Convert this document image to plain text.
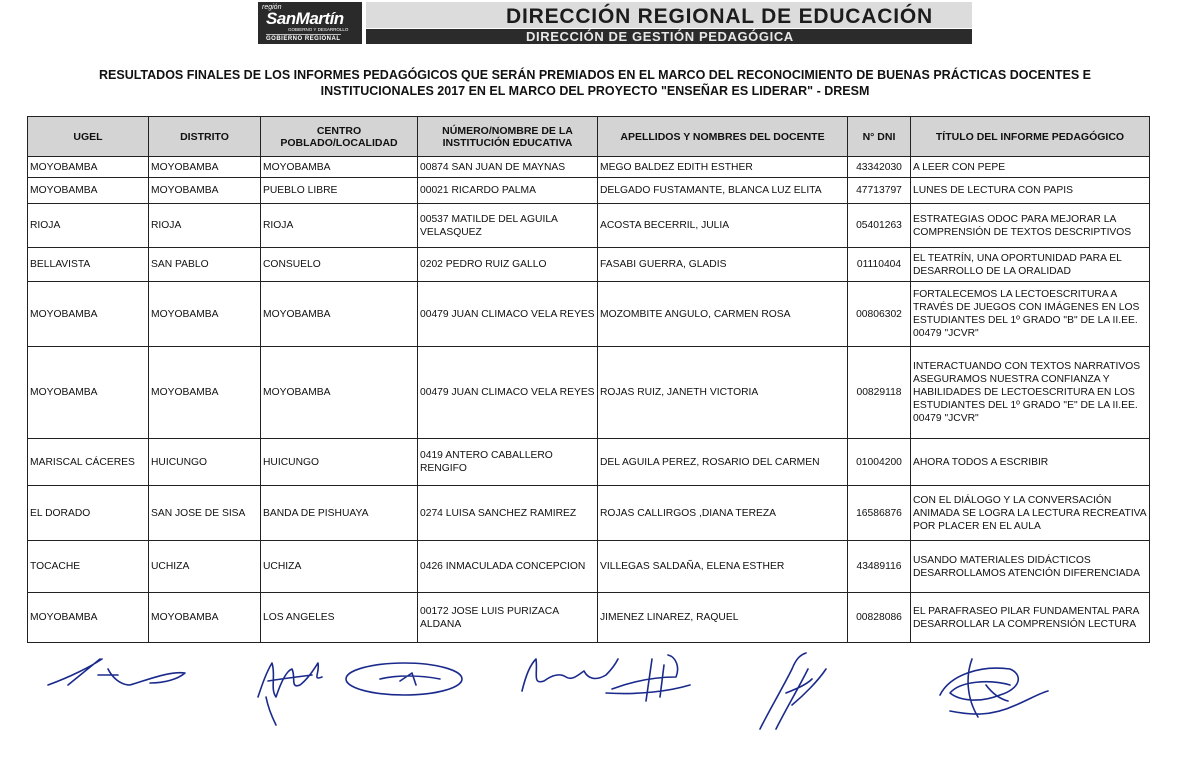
región
SanMartín
GOBIERNO Y DESARROLLO
GOBIERNO REGIONAL
DIRECCIÓN REGIONAL DE EDUCACIÓN
DIRECCIÓN DE GESTIÓN PEDAGÓGICA
RESULTADOS FINALES DE LOS INFORMES PEDAGÓGICOS QUE SERÁN PREMIADOS EN EL MARCO DEL RECONOCIMIENTO DE BUENAS PRÁCTICAS DOCENTES E
INSTITUCIONALES 2017 EN EL MARCO DEL PROYECTO "ENSEÑAR ES LIDERAR" - DRESM
UGEL	DISTRITO	CENTRO POBLADO/LOCALIDAD	NÚMERO/NOMBRE DE LA INSTITUCIÓN EDUCATIVA	APELLIDOS Y NOMBRES DEL DOCENTE	N° DNI	TÍTULO DEL INFORME PEDAGÓGICO
MOYOBAMBA	MOYOBAMBA	MOYOBAMBA	00874 SAN JUAN DE MAYNAS	MEGO BALDEZ EDITH ESTHER	43342030	A LEER CON PEPE
MOYOBAMBA	MOYOBAMBA	PUEBLO LIBRE	00021 RICARDO PALMA	DELGADO FUSTAMANTE, BLANCA LUZ ELITA	47713797	LUNES DE LECTURA CON PAPIS
RIOJA	RIOJA	RIOJA	00537 MATILDE DEL AGUILA VELASQUEZ	ACOSTA BECERRIL, JULIA	05401263	ESTRATEGIAS ODOC PARA MEJORAR LA COMPRENSIÓN DE TEXTOS DESCRIPTIVOS
BELLAVISTA	SAN PABLO	CONSUELO	0202 PEDRO RUIZ GALLO	FASABI GUERRA, GLADIS	01110404	EL TEATRÍN, UNA OPORTUNIDAD PARA EL DESARROLLO DE LA ORALIDAD
MOYOBAMBA	MOYOBAMBA	MOYOBAMBA	00479 JUAN CLIMACO VELA REYES	MOZOMBITE ANGULO, CARMEN ROSA	00806302	FORTALECEMOS LA LECTOESCRITURA A TRAVÉS DE JUEGOS CON IMÁGENES EN LOS ESTUDIANTES DEL 1º GRADO "B" DE LA II.EE. 00479 "JCVR"
MOYOBAMBA	MOYOBAMBA	MOYOBAMBA	00479 JUAN CLIMACO VELA REYES	ROJAS RUIZ, JANETH VICTORIA	00829118	INTERACTUANDO CON TEXTOS NARRATIVOS ASEGURAMOS NUESTRA CONFIANZA Y HABILIDADES DE LECTOESCRITURA EN LOS ESTUDIANTES DEL 1º GRADO "E" DE LA II.EE. 00479 "JCVR"
MARISCAL CÁCERES	HUICUNGO	HUICUNGO	0419 ANTERO CABALLERO RENGIFO	DEL AGUILA PEREZ, ROSARIO DEL CARMEN	01004200	AHORA TODOS A ESCRIBIR
EL DORADO	SAN JOSE DE SISA	BANDA DE PISHUAYA	0274 LUISA SANCHEZ RAMIREZ	ROJAS CALLIRGOS ,DIANA TEREZA	16586876	CON EL DIÁLOGO Y LA CONVERSACIÓN ANIMADA SE LOGRA LA LECTURA RECREATIVA POR PLACER EN EL AULA
TOCACHE	UCHIZA	UCHIZA	0426 INMACULADA CONCEPCION	VILLEGAS SALDAÑA, ELENA ESTHER	43489116	USANDO MATERIALES DIDÁCTICOS DESARROLLAMOS ATENCIÓN DIFERENCIADA
MOYOBAMBA	MOYOBAMBA	LOS ANGELES	00172 JOSE LUIS PURIZACA ALDANA	JIMENEZ LINAREZ, RAQUEL	00828086	EL PARAFRASEO PILAR FUNDAMENTAL PARA DESARROLLAR LA COMPRENSIÓN LECTURA
